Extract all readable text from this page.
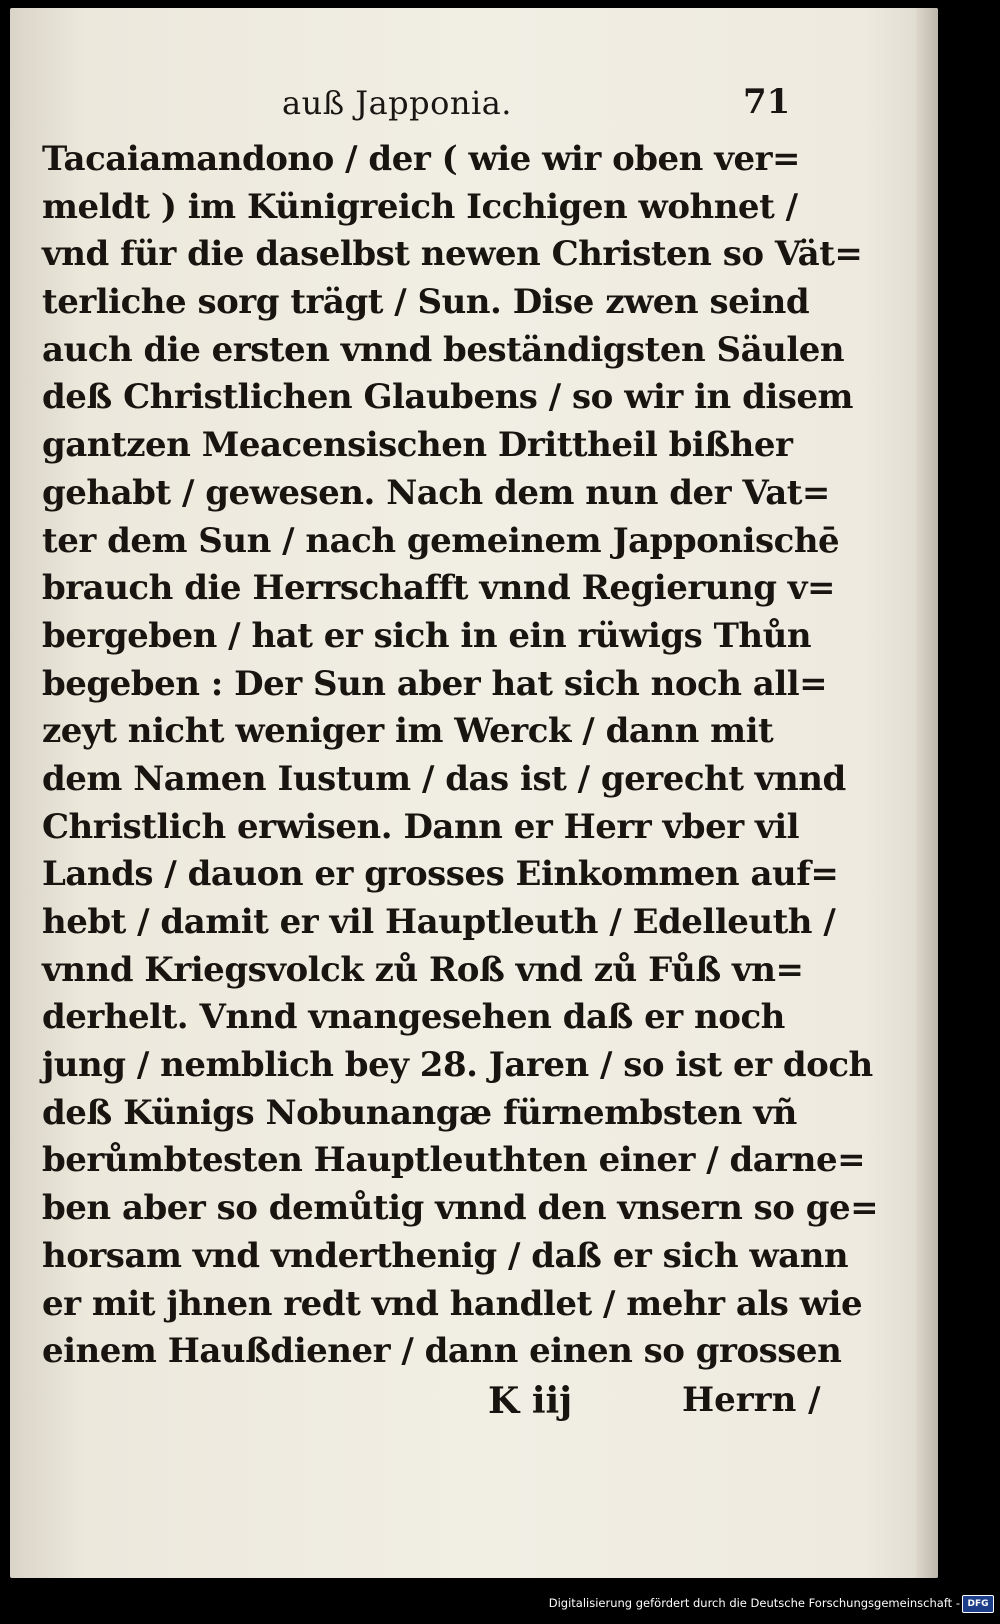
auß Japponia.	71
Tacaiamandono / der ( wie wir oben ver=
meldt ) im Künigreich Icchigen wohnet /
vnd für die daselbst newen Christen so Vät=
terliche sorg trägt / Sun. Dise zwen seind
auch die ersten vnnd beständigsten Säulen
deß Christlichen Glaubens / so wir in disem
gantzen Meacensischen Drittheil bißher
gehabt / gewesen. Nach dem nun der Vat=
ter dem Sun / nach gemeinem Japponischē
brauch die Herrschafft vnnd Regierung v=
bergeben / hat er sich in ein rüwigs Thůn
begeben : Der Sun aber hat sich noch all=
zeyt nicht weniger im Werck / dann mit
dem Namen Iustum / das ist / gerecht vnnd
Christlich erwisen. Dann er Herr vber vil
Lands / dauon er grosses Einkommen auf=
hebt / damit er vil Hauptleuth / Edelleuth /
vnnd Kriegsvolck zů Roß vnd zů Fůß vn=
derhelt. Vnnd vnangesehen daß er noch
jung / nemblich bey 28. Jaren / so ist er doch
deß Künigs Nobunangæ fürnembsten vñ
berůmbtesten Hauptleuthten einer / darne=
ben aber so demůtig vnnd den vnsern so ge=
horsam vnd vnderthenig / daß er sich wann
er mit jhnen redt vnd handlet / mehr als wie
einem Haußdiener / dann einen so grossen
K iij	Herrn /
Digitalisierung gefördert durch die Deutsche Forschungsgemeinschaft - DFG
